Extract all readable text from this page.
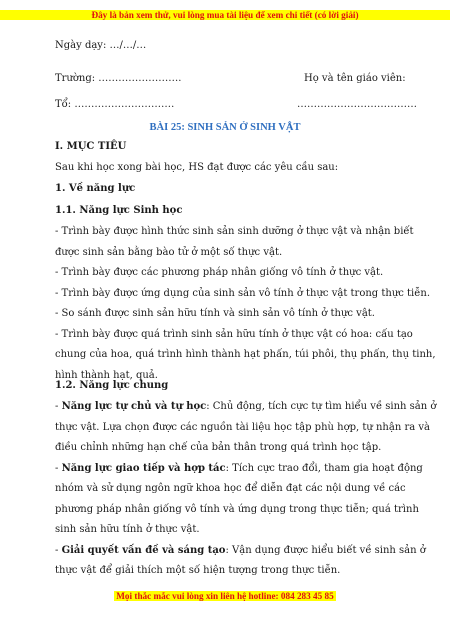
Đây là bản xem thử, vui lòng mua tài liệu để xem chi tiết (có lời giải)
Ngày dạy: …/…/…
Trường: …………………….	Họ và tên giáo viên:
Tổ: …………………………	………………………………
BÀI 25: SINH SẢN Ở SINH VẬT
I. MỤC TIÊU
Sau khi học xong bài học, HS đạt được các yêu cầu sau:
1. Về năng lực
1.1. Năng lực Sinh học
- Trình bày được hình thức sinh sản sinh dưỡng ở thực vật và nhận biết
được sinh sản bằng bào tử ở một số thực vật.
- Trình bày được các phương pháp nhân giống vô tính ở thực vật.
- Trình bày được ứng dụng của sinh sản vô tính ở thực vật trong thực tiễn.
- So sánh được sinh sản hữu tính và sinh sản vô tính ở thực vật.
- Trình bày được quá trình sinh sản hữu tính ở thực vật có hoa: cấu tạo
chung của hoa, quá trình hình thành hạt phấn, túi phôi, thụ phấn, thụ tinh,
hình thành hạt, quả.
1.2. Năng lực chung
- Năng lực tự chủ và tự học: Chủ động, tích cực tự tìm hiểu về sinh sản ở
thực vật. Lựa chọn được các nguồn tài liệu học tập phù hợp, tự nhận ra và
điều chỉnh những hạn chế của bản thân trong quá trình học tập.
- Năng lực giao tiếp và hợp tác: Tích cực trao đổi, tham gia hoạt động
nhóm và sử dụng ngôn ngữ khoa học để diễn đạt các nội dung về các
phương pháp nhân giống vô tính và ứng dụng trong thực tiễn; quá trình
sinh sản hữu tính ở thực vật.
- Giải quyết vấn đề và sáng tạo: Vận dụng được hiểu biết về sinh sản ở
thực vật để giải thích một số hiện tượng trong thực tiễn.
Mọi thắc mắc vui lòng xin liên hệ hotline: 084 283 45 85
